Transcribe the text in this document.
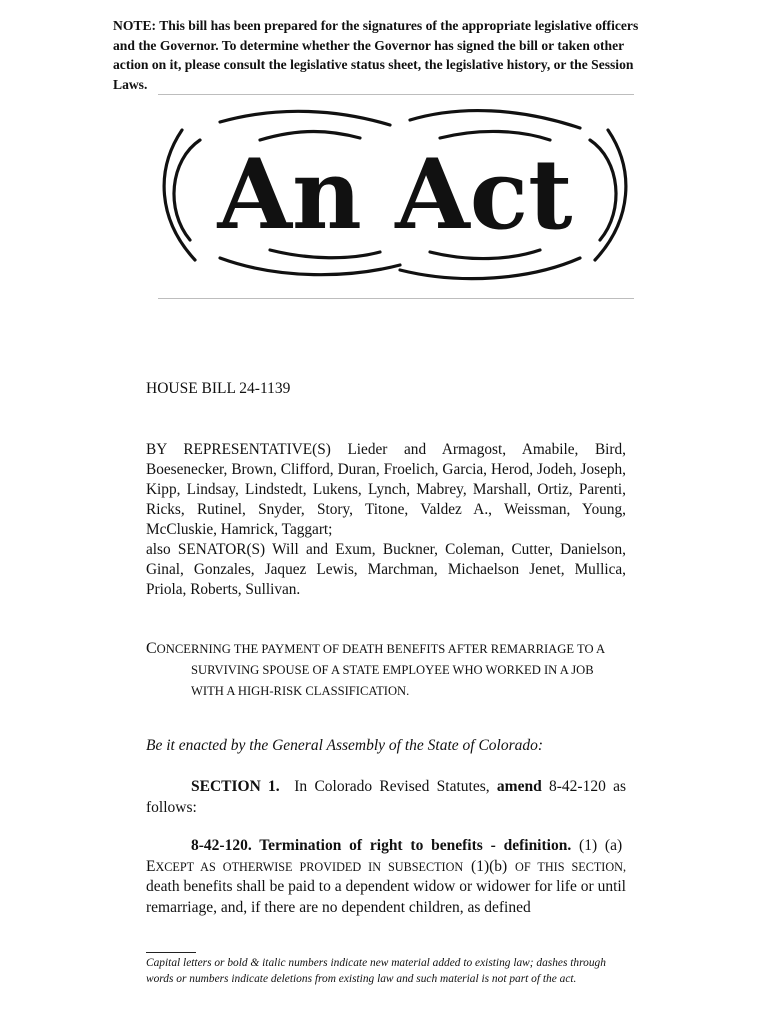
NOTE: This bill has been prepared for the signatures of the appropriate legislative officers and the Governor. To determine whether the Governor has signed the bill or taken other action on it, please consult the legislative status sheet, the legislative history, or the Session Laws.
An Act
HOUSE BILL 24-1139

BY REPRESENTATIVE(S) Lieder and Armagost, Amabile, Bird, Boesenecker, Brown, Clifford, Duran, Froelich, Garcia, Herod, Jodeh, Joseph, Kipp, Lindsay, Lindstedt, Lukens, Lynch, Mabrey, Marshall, Ortiz, Parenti, Ricks, Rutinel, Snyder, Story, Titone, Valdez A., Weissman, Young, McCluskie, Hamrick, Taggart;

also SENATOR(S) Will and Exum, Buckner, Coleman, Cutter, Danielson, Ginal, Gonzales, Jaquez Lewis, Marchman, Michaelson Jenet, Mullica, Priola, Roberts, Sullivan.

CONCERNING THE PAYMENT OF DEATH BENEFITS AFTER REMARRIAGE TO A SURVIVING SPOUSE OF A STATE EMPLOYEE WHO WORKED IN A JOB WITH A HIGH-RISK CLASSIFICATION.
Be it enacted by the General Assembly of the State of Colorado:
SECTION 1. In Colorado Revised Statutes, amend 8-42-120 as follows:
8-42-120. Termination of right to benefits - definition. (1) (a)  EXCEPT AS OTHERWISE PROVIDED IN SUBSECTION (1)(b) OF THIS SECTION, death benefits shall be paid to a dependent widow or widower for life or until remarriage, and, if there are no dependent children, as defined
Capital letters or bold & italic numbers indicate new material added to existing law; dashes through words or numbers indicate deletions from existing law and such material is not part of the act.
